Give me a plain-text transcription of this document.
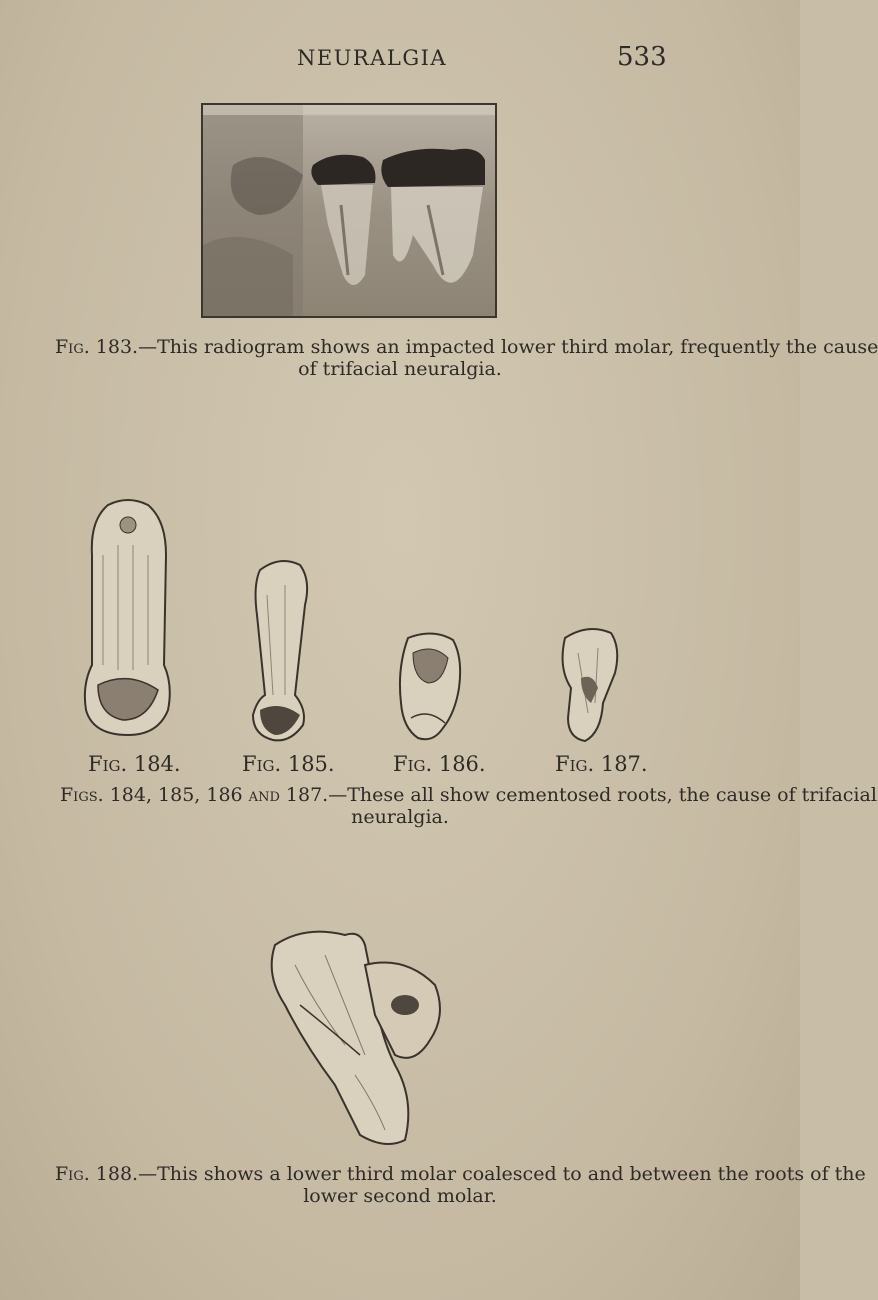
NEURALGIA	533
Fig. 183.—This radiogram shows an impacted lower third molar, frequently the cause
of trifacial neuralgia.
Fig. 184.	Fig. 185.	Fig. 186.	Fig. 187.
Figs. 184, 185, 186 and 187.—These all show cementosed roots, the cause of trifacial
neuralgia.
Fig. 188.—This shows a lower third molar coalesced to and between the roots of the
lower second molar.
